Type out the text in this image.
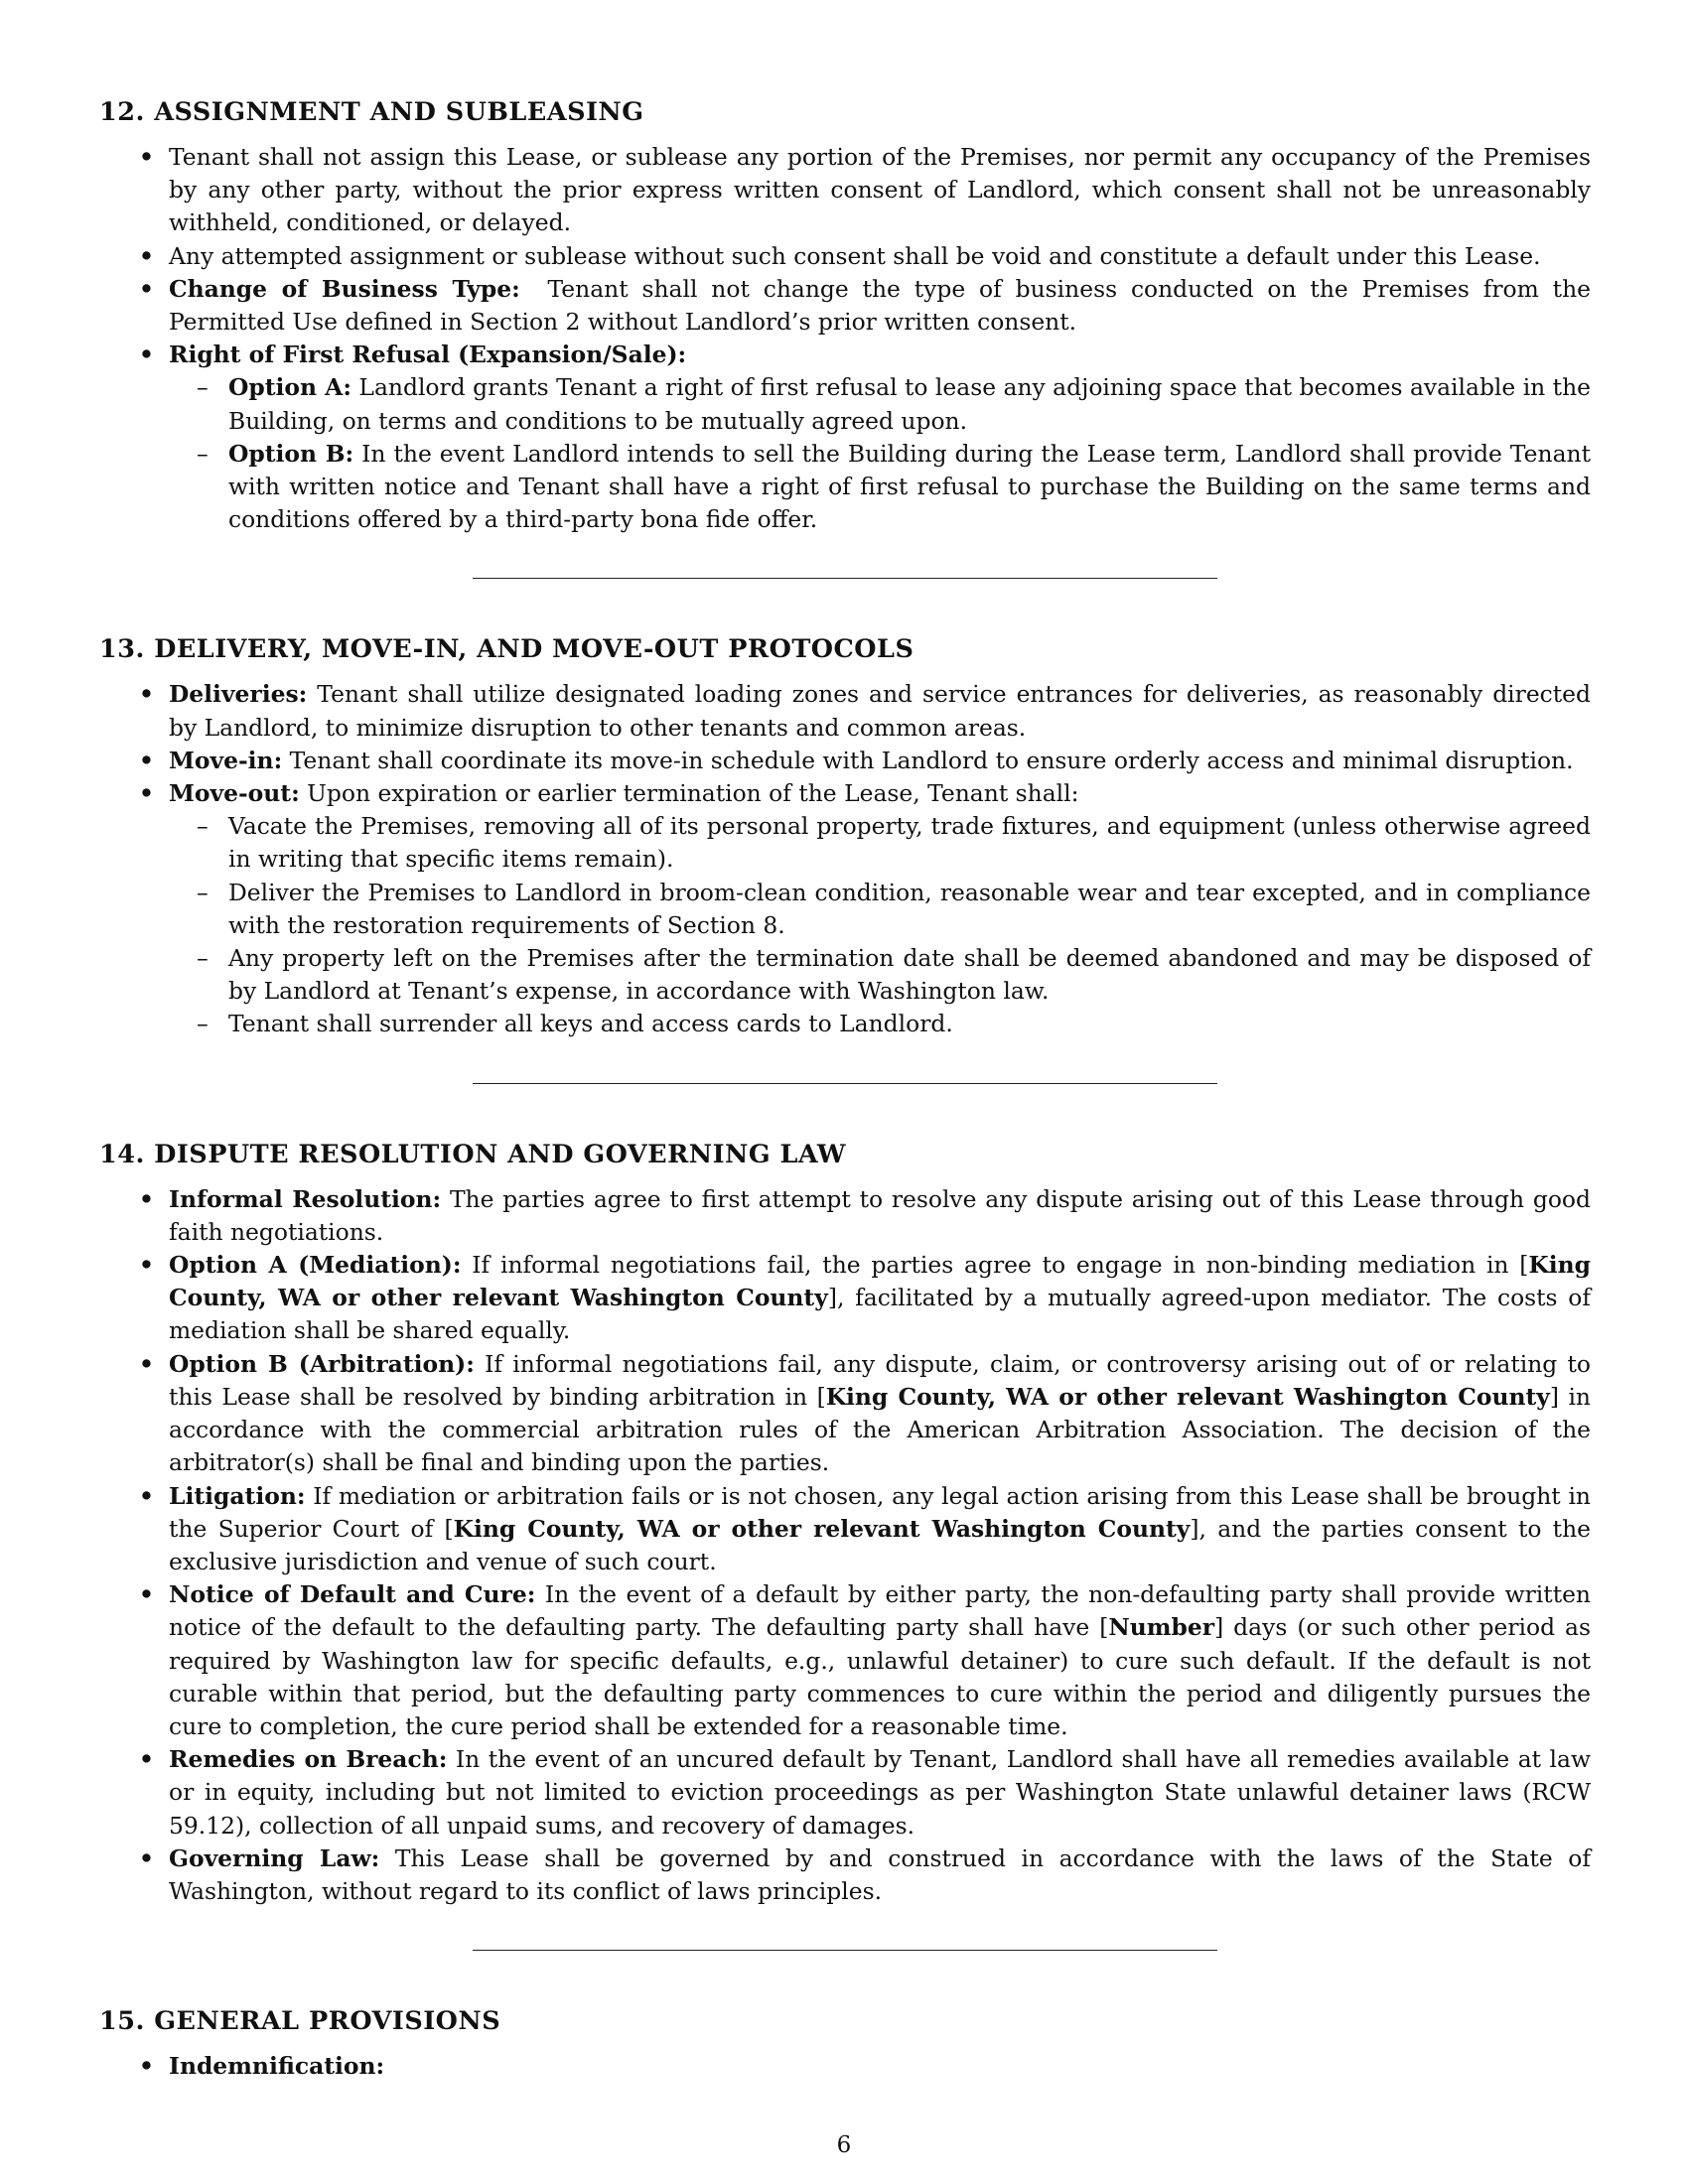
12. ASSIGNMENT AND SUBLEASING
• Tenant shall not assign this Lease, or sublease any portion of the Premises, nor permit any occupancy of the Premises by any other party, without the prior express written consent of Landlord, which consent shall not be unreasonably withheld, conditioned, or delayed.
• Any attempted assignment or sublease without such consent shall be void and constitute a default under this Lease.
• Change of Business Type: Tenant shall not change the type of business conducted on the Premises from the Permitted Use defined in Section 2 without Landlord’s prior written consent.
• Right of First Refusal (Expansion/Sale):
– Option A: Landlord grants Tenant a right of first refusal to lease any adjoining space that becomes available in the Building, on terms and conditions to be mutually agreed upon.
– Option B: In the event Landlord intends to sell the Building during the Lease term, Landlord shall provide Tenant with written notice and Tenant shall have a right of first refusal to purchase the Building on the same terms and conditions offered by a third-party bona fide offer.
13. DELIVERY, MOVE-IN, AND MOVE-OUT PROTOCOLS
• Deliveries: Tenant shall utilize designated loading zones and service entrances for deliveries, as reasonably directed by Landlord, to minimize disruption to other tenants and common areas.
• Move-in: Tenant shall coordinate its move-in schedule with Landlord to ensure orderly access and minimal disruption.
• Move-out: Upon expiration or earlier termination of the Lease, Tenant shall:
– Vacate the Premises, removing all of its personal property, trade fixtures, and equipment (unless otherwise agreed in writing that specific items remain).
– Deliver the Premises to Landlord in broom-clean condition, reasonable wear and tear excepted, and in compliance with the restoration requirements of Section 8.
– Any property left on the Premises after the termination date shall be deemed abandoned and may be disposed of by Landlord at Tenant’s expense, in accordance with Washington law.
– Tenant shall surrender all keys and access cards to Landlord.
14. DISPUTE RESOLUTION AND GOVERNING LAW
• Informal Resolution: The parties agree to first attempt to resolve any dispute arising out of this Lease through good faith negotiations.
• Option A (Mediation): If informal negotiations fail, the parties agree to engage in non-binding mediation in [King County, WA or other relevant Washington County], facilitated by a mutually agreed-upon mediator. The costs of mediation shall be shared equally.
• Option B (Arbitration): If informal negotiations fail, any dispute, claim, or controversy arising out of or relating to this Lease shall be resolved by binding arbitration in [King County, WA or other relevant Washington County] in accordance with the commercial arbitration rules of the American Arbitration Association. The decision of the arbitrator(s) shall be final and binding upon the parties.
• Litigation: If mediation or arbitration fails or is not chosen, any legal action arising from this Lease shall be brought in the Superior Court of [King County, WA or other relevant Washington County], and the parties consent to the exclusive jurisdiction and venue of such court.
• Notice of Default and Cure: In the event of a default by either party, the non-defaulting party shall provide written notice of the default to the defaulting party. The defaulting party shall have [Number] days (or such other period as required by Washington law for specific defaults, e.g., unlawful detainer) to cure such default. If the default is not curable within that period, but the defaulting party commences to cure within the period and diligently pursues the cure to completion, the cure period shall be extended for a reasonable time.
• Remedies on Breach: In the event of an uncured default by Tenant, Landlord shall have all remedies available at law or in equity, including but not limited to eviction proceedings as per Washington State unlawful detainer laws (RCW 59.12), collection of all unpaid sums, and recovery of damages.
• Governing Law: This Lease shall be governed by and construed in accordance with the laws of the State of Washington, without regard to its conflict of laws principles.
15. GENERAL PROVISIONS
• Indemnification:
6
